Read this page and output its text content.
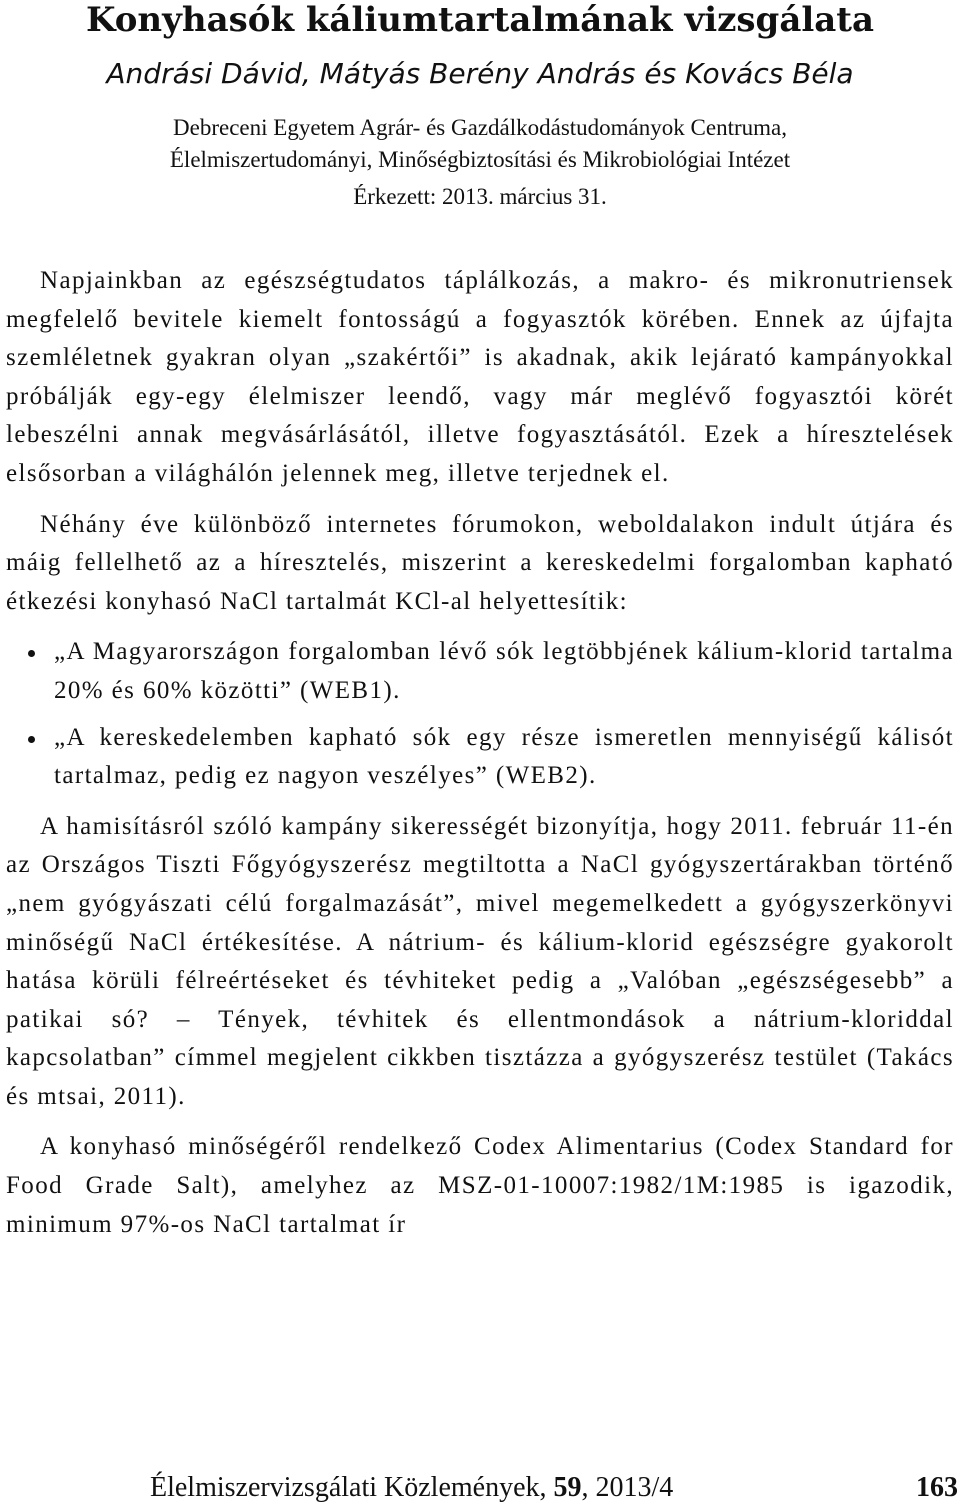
Konyhasók káliumtartalmának vizsgálata
Andrási Dávid, Mátyás Berény András és Kovács Béla
Debreceni Egyetem Agrár- és Gazdálkodástudományok Centruma,
Élelmiszertudományi, Minőségbiztosítási és Mikrobiológiai Intézet
Érkezett: 2013. március 31.

Napjainkban az egészségtudatos táplálkozás, a makro- és mikronutriensek megfelelő bevitele kiemelt fontosságú a fogyasztók körében. Ennek az újfajta szemléletnek gyakran olyan „szakértői” is akadnak, akik lejárató kampányokkal próbálják egy-egy élelmiszer leendő, vagy már meglévő fogyasztói körét lebeszélni annak megvásárlásától, illetve fogyasztásától. Ezek a híresztelések elsősorban a világhálón jelennek meg, illetve terjednek el.

Néhány éve különböző internetes fórumokon, weboldalakon indult útjára és máig fellelhető az a híresztelés, miszerint a kereskedelmi forgalomban kapható étkezési konyhasó NaCl tartalmát KCl-al helyettesítik:

„A Magyarországon forgalomban lévő sók legtöbbjének kálium-klorid tartalma 20% és 60% közötti” (WEB1).
„A kereskedelemben kapható sók egy része ismeretlen mennyiségű kálisót tartalmaz, pedig ez nagyon veszélyes” (WEB2).

A hamisításról szóló kampány sikerességét bizonyítja, hogy 2011. február 11-én az Országos Tiszti Főgyógyszerész megtiltotta a NaCl gyógyszertárakban történő „nem gyógyászati célú forgalmazását”, mivel megemelkedett a gyógyszerkönyvi minőségű NaCl értékesítése. A nátrium- és kálium-klorid egészségre gyakorolt hatása körüli félreértéseket és tévhiteket pedig a „Valóban „egészségesebb” a patikai só? – Tények, tévhitek és ellentmondások a nátrium-kloriddal kapcsolatban” címmel megjelent cikkben tisztázza a gyógyszerész testület (Takács és mtsai, 2011).

A konyhasó minőségéről rendelkező Codex Alimentarius (Codex Standard for Food Grade Salt), amelyhez az MSZ-01-10007:1982/1M:1985 is igazodik, minimum 97%-os NaCl tartalmat ír

Élelmiszervizsgálati Közlemények, 59, 2013/4	163
